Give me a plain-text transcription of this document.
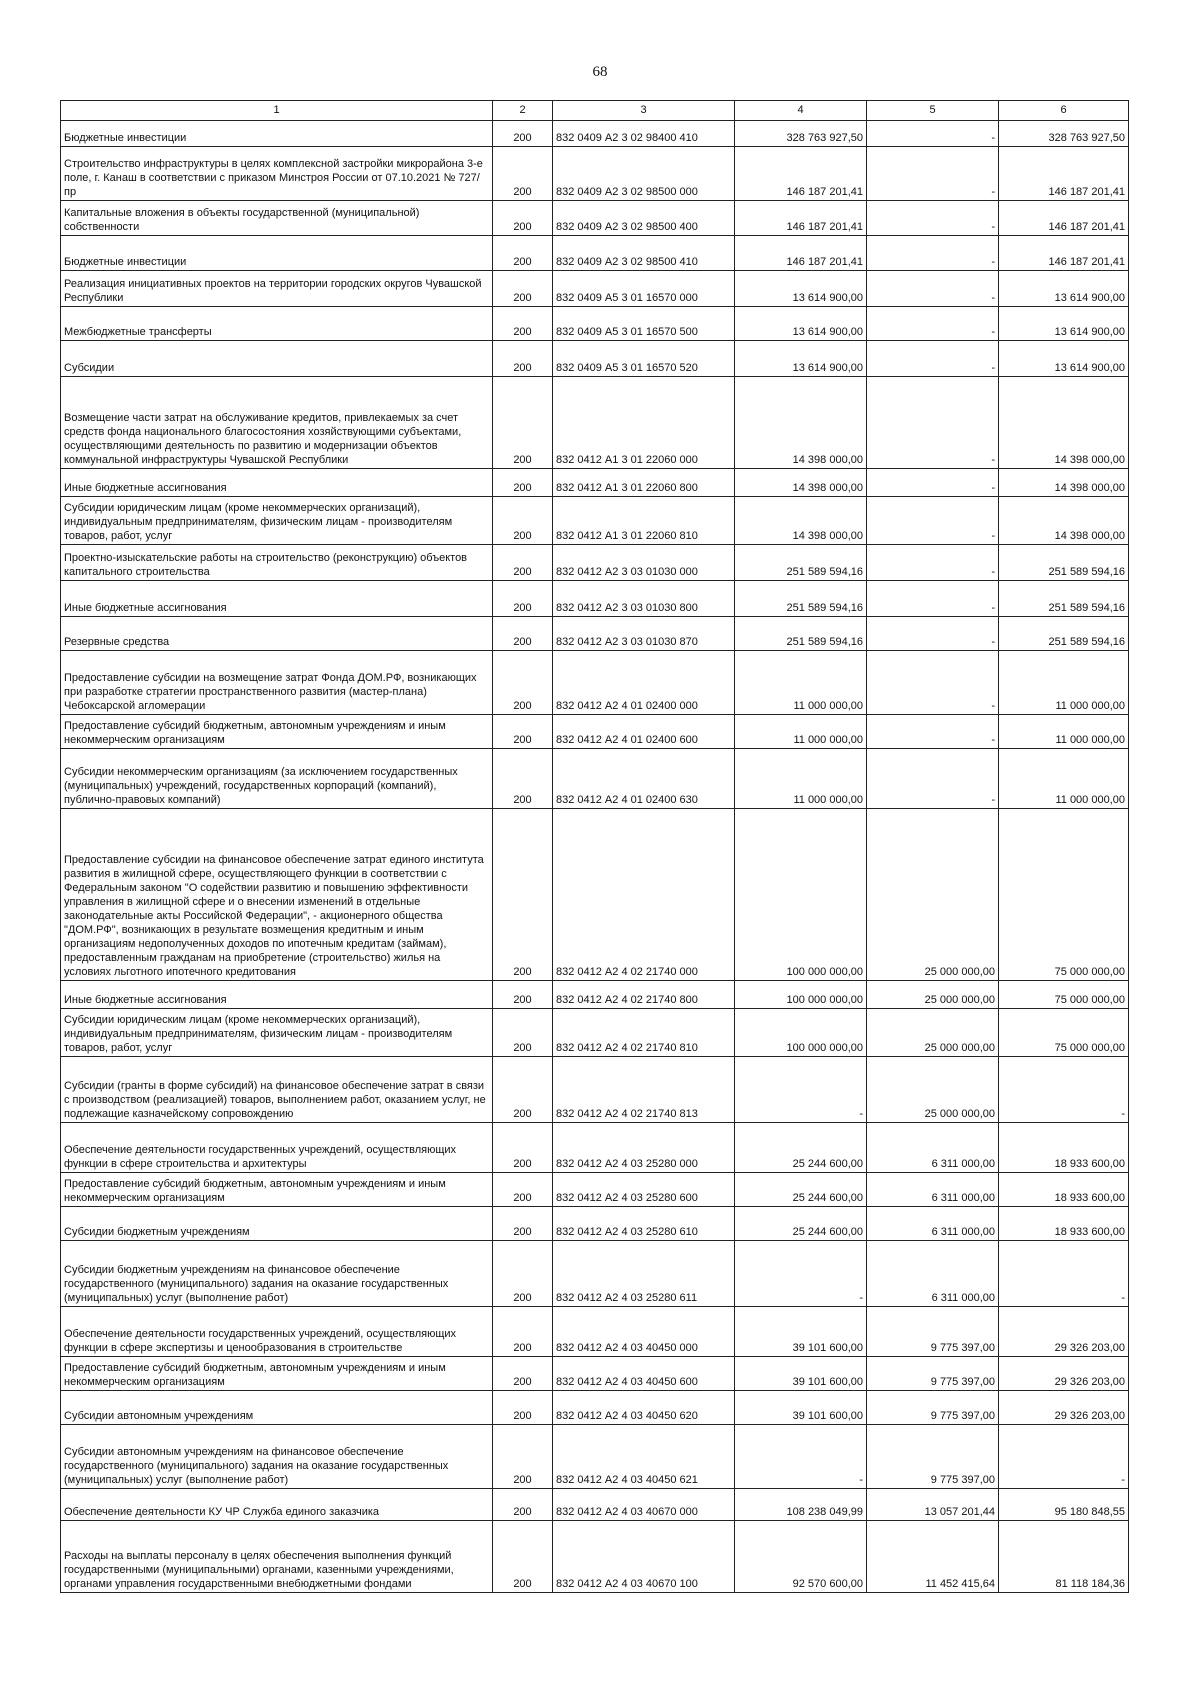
68
1	2	3	4	5	6
Бюджетные инвестиции	200	832 0409 А2 3 02 98400 410	328 763 927,50	-	328 763 927,50
Строительство инфраструктуры в целях комплексной застройки микрорайона 3-е поле, г. Канаш в соответствии с приказом Минстроя России от 07.10.2021 № 727/пр	200	832 0409 А2 3 02 98500 000	146 187 201,41	-	146 187 201,41
Капитальные вложения в объекты государственной (муниципальной) собственности	200	832 0409 А2 3 02 98500 400	146 187 201,41	-	146 187 201,41
Бюджетные инвестиции	200	832 0409 А2 3 02 98500 410	146 187 201,41	-	146 187 201,41
Реализация инициативных проектов на территории городских округов Чувашской Республики	200	832 0409 А5 3 01 16570 000	13 614 900,00	-	13 614 900,00
Межбюджетные трансферты	200	832 0409 А5 3 01 16570 500	13 614 900,00	-	13 614 900,00
Субсидии	200	832 0409 А5 3 01 16570 520	13 614 900,00	-	13 614 900,00
Возмещение части затрат на обслуживание кредитов, привлекаемых за счет средств фонда национального благосостояния хозяйствующими субъектами, осуществляющими деятельность по развитию и модернизации объектов коммунальной инфраструктуры Чувашской Республики	200	832 0412 А1 3 01 22060 000	14 398 000,00	-	14 398 000,00
Иные бюджетные ассигнования	200	832 0412 А1 3 01 22060 800	14 398 000,00	-	14 398 000,00
Субсидии юридическим лицам (кроме некоммерческих организаций), индивидуальным предпринимателям, физическим лицам - производителям товаров, работ, услуг	200	832 0412 А1 3 01 22060 810	14 398 000,00	-	14 398 000,00
Проектно-изыскательские работы на строительство (реконструкцию) объектов капитального строительства	200	832 0412 А2 3 03 01030 000	251 589 594,16	-	251 589 594,16
Иные бюджетные ассигнования	200	832 0412 А2 3 03 01030 800	251 589 594,16	-	251 589 594,16
Резервные средства	200	832 0412 А2 3 03 01030 870	251 589 594,16	-	251 589 594,16
Предоставление субсидии на возмещение затрат Фонда ДОМ.РФ, возникающих при разработке стратегии пространственного развития (мастер-плана) Чебоксарской агломерации	200	832 0412 А2 4 01 02400 000	11 000 000,00	-	11 000 000,00
Предоставление субсидий бюджетным, автономным учреждениям и иным некоммерческим организациям	200	832 0412 А2 4 01 02400 600	11 000 000,00	-	11 000 000,00
Субсидии некоммерческим организациям (за исключением государственных (муниципальных) учреждений, государственных корпораций (компаний), публично-правовых компаний)	200	832 0412 А2 4 01 02400 630	11 000 000,00	-	11 000 000,00
Предоставление субсидии на финансовое обеспечение затрат единого института развития в жилищной сфере, осуществляющего функции в соответствии с Федеральным законом "О содействии развитию и повышению эффективности управления в жилищной сфере и о внесении изменений в отдельные законодательные акты Российской Федерации", - акционерного общества "ДОМ.РФ", возникающих в результате возмещения кредитным и иным организациям недополученных доходов по ипотечным кредитам (займам), предоставленным гражданам на приобретение (строительство) жилья на условиях льготного ипотечного кредитования	200	832 0412 А2 4 02 21740 000	100 000 000,00	25 000 000,00	75 000 000,00
Иные бюджетные ассигнования	200	832 0412 А2 4 02 21740 800	100 000 000,00	25 000 000,00	75 000 000,00
Субсидии юридическим лицам (кроме некоммерческих организаций), индивидуальным предпринимателям, физическим лицам - производителям товаров, работ, услуг	200	832 0412 А2 4 02 21740 810	100 000 000,00	25 000 000,00	75 000 000,00
Субсидии (гранты в форме субсидий) на финансовое обеспечение затрат в связи с производством (реализацией) товаров, выполнением работ, оказанием услуг, не подлежащие казначейскому сопровождению	200	832 0412 А2 4 02 21740 813	-	25 000 000,00	-
Обеспечение деятельности государственных учреждений, осуществляющих функции в сфере строительства и архитектуры	200	832 0412 А2 4 03 25280 000	25 244 600,00	6 311 000,00	18 933 600,00
Предоставление субсидий бюджетным, автономным учреждениям и иным некоммерческим организациям	200	832 0412 А2 4 03 25280 600	25 244 600,00	6 311 000,00	18 933 600,00
Субсидии бюджетным учреждениям	200	832 0412 А2 4 03 25280 610	25 244 600,00	6 311 000,00	18 933 600,00
Субсидии бюджетным учреждениям на финансовое обеспечение государственного (муниципального) задания на оказание государственных (муниципальных) услуг (выполнение работ)	200	832 0412 А2 4 03 25280 611	-	6 311 000,00	-
Обеспечение деятельности государственных учреждений, осуществляющих функции в сфере экспертизы и ценообразования в строительстве	200	832 0412 А2 4 03 40450 000	39 101 600,00	9 775 397,00	29 326 203,00
Предоставление субсидий бюджетным, автономным учреждениям и иным некоммерческим организациям	200	832 0412 А2 4 03 40450 600	39 101 600,00	9 775 397,00	29 326 203,00
Субсидии автономным учреждениям	200	832 0412 А2 4 03 40450 620	39 101 600,00	9 775 397,00	29 326 203,00
Субсидии автономным учреждениям на финансовое обеспечение государственного (муниципального) задания на оказание государственных (муниципальных) услуг (выполнение работ)	200	832 0412 А2 4 03 40450 621	-	9 775 397,00	-
Обеспечение деятельности КУ ЧР Служба единого заказчика	200	832 0412 А2 4 03 40670 000	108 238 049,99	13 057 201,44	95 180 848,55
Расходы на выплаты персоналу в целях обеспечения выполнения функций государственными (муниципальными) органами, казенными учреждениями, органами управления государственными внебюджетными фондами	200	832 0412 А2 4 03 40670 100	92 570 600,00	11 452 415,64	81 118 184,36
